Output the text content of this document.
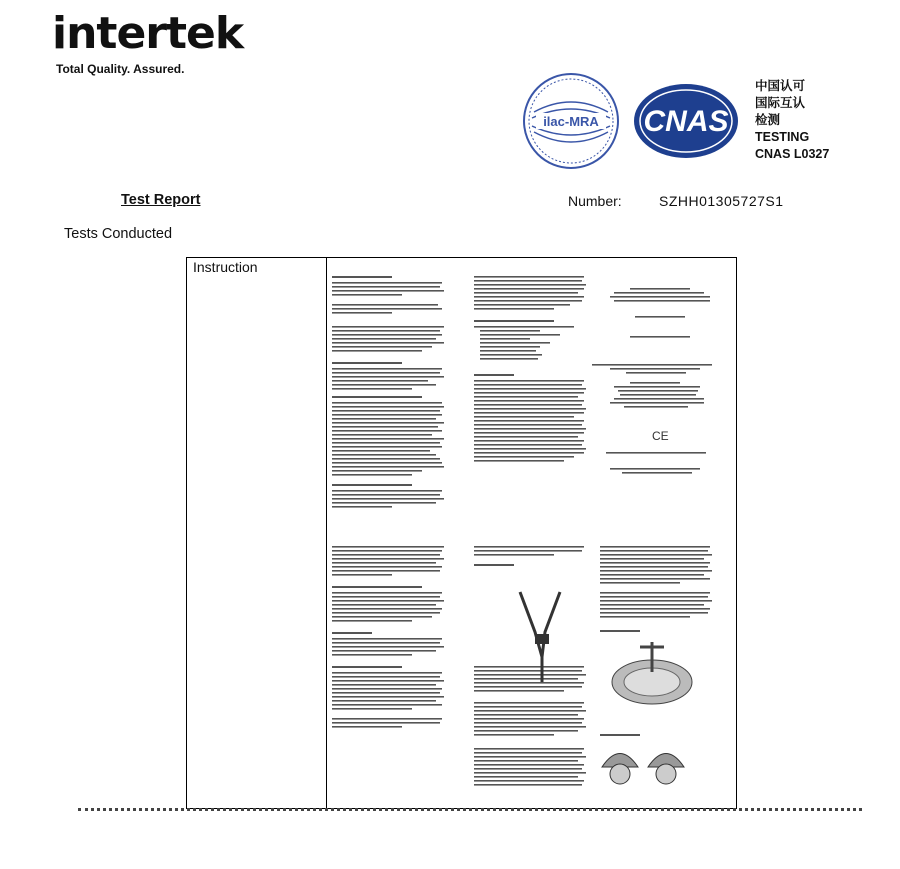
intertek
Total Quality. Assured.
ilac-MRA CNAS
中国认可
国际互认
检测
TESTING
CNAS L0327
Test Report	Number:	SZHH01305727S1
Tests Conducted
Instruction
CE
